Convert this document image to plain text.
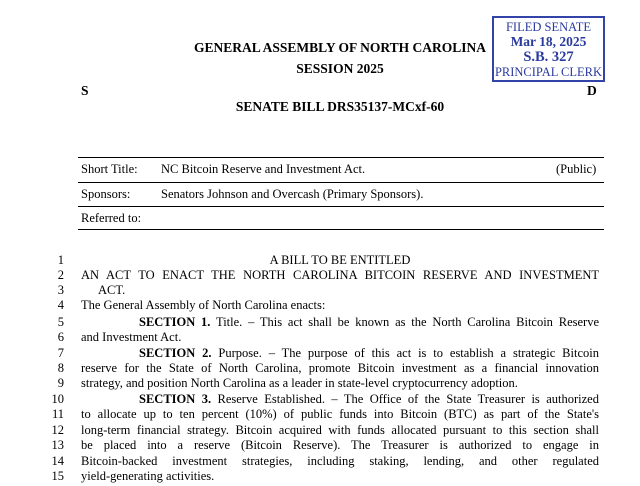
FILED SENATE
Mar 18, 2025
S.B. 327
PRINCIPAL CLERK
GENERAL ASSEMBLY OF NORTH CAROLINA
SESSION 2025
S	D
SENATE BILL DRS35137-MCxf-60
Short Title: NC Bitcoin Reserve and Investment Act.	(Public)
Sponsors: Senators Johnson and Overcash (Primary Sponsors).
Referred to:
1	A BILL TO BE ENTITLED
2 AN ACT TO ENACT THE NORTH CAROLINA BITCOIN RESERVE AND INVESTMENT
3	ACT.
4 The General Assembly of North Carolina enacts:
5	SECTION 1. Title. – This act shall be known as the North Carolina Bitcoin Reserve
6 and Investment Act.
7	SECTION 2. Purpose. – The purpose of this act is to establish a strategic Bitcoin
8 reserve for the State of North Carolina, promote Bitcoin investment as a financial innovation
9 strategy, and position North Carolina as a leader in state-level cryptocurrency adoption.
10	SECTION 3. Reserve Established. – The Office of the State Treasurer is authorized
11 to allocate up to ten percent (10%) of public funds into Bitcoin (BTC) as part of the State's
12 long-term financial strategy. Bitcoin acquired with funds allocated pursuant to this section shall
13 be placed into a reserve (Bitcoin Reserve). The Treasurer is authorized to engage in
14 Bitcoin-backed investment strategies, including staking, lending, and other regulated
15 yield-generating activities.
